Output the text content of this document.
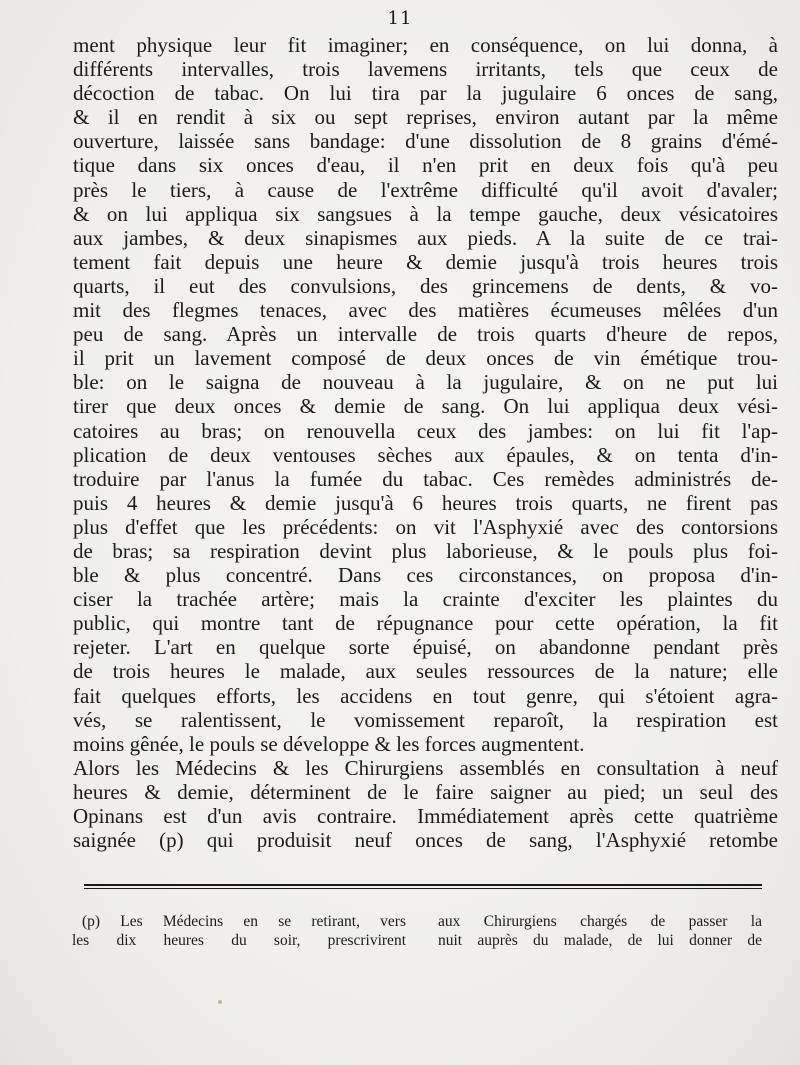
11
ment physique leur fit imaginer; en conséquence, on lui donna, à
différents intervalles, trois lavemens irritants, tels que ceux de
décoction de tabac. On lui tira par la jugulaire 6 onces de sang,
& il en rendit à six ou sept reprises, environ autant par la même
ouverture, laissée sans bandage: d'une dissolution de 8 grains d'émé-
tique dans six onces d'eau, il n'en prit en deux fois qu'à peu
près le tiers, à cause de l'extrême difficulté qu'il avoit d'avaler;
& on lui appliqua six sangsues à la tempe gauche, deux vésicatoires
aux jambes, & deux sinapismes aux pieds. A la suite de ce trai-
tement fait depuis une heure & demie jusqu'à trois heures trois
quarts, il eut des convulsions, des grincemens de dents, & vo-
mit des flegmes tenaces, avec des matières écumeuses mêlées d'un
peu de sang. Après un intervalle de trois quarts d'heure de repos,
il prit un lavement composé de deux onces de vin émétique trou-
ble: on le saigna de nouveau à la jugulaire, & on ne put lui
tirer que deux onces & demie de sang. On lui appliqua deux vési-
catoires au bras; on renouvella ceux des jambes: on lui fit l'ap-
plication de deux ventouses sèches aux épaules, & on tenta d'in-
troduire par l'anus la fumée du tabac. Ces remèdes administrés de-
puis 4 heures & demie jusqu'à 6 heures trois quarts, ne firent pas
plus d'effet que les précédents: on vit l'Asphyxié avec des contorsions
de bras; sa respiration devint plus laborieuse, & le pouls plus foi-
ble & plus concentré. Dans ces circonstances, on proposa d'in-
ciser la trachée artère; mais la crainte d'exciter les plaintes du
public, qui montre tant de répugnance pour cette opération, la fit
rejeter. L'art en quelque sorte épuisé, on abandonne pendant près
de trois heures le malade, aux seules ressources de la nature; elle
fait quelques efforts, les accidens en tout genre, qui s'étoient agra-
vés, se ralentissent, le vomissement reparoît, la respiration est
moins gênée, le pouls se développe & les forces augmentent.
Alors les Médecins & les Chirurgiens assemblés en consultation à neuf
heures & demie, déterminent de le faire saigner au pied; un seul des
Opinans est d'un avis contraire. Immédiatement après cette quatrième
saignée (p) qui produisit neuf onces de sang, l'Asphyxié retombe
(p) Les Médecins en se retirant, vers
les dix heures du soir, prescrivirent
aux Chirurgiens chargés de passer la
nuit auprès du malade, de lui donner de
